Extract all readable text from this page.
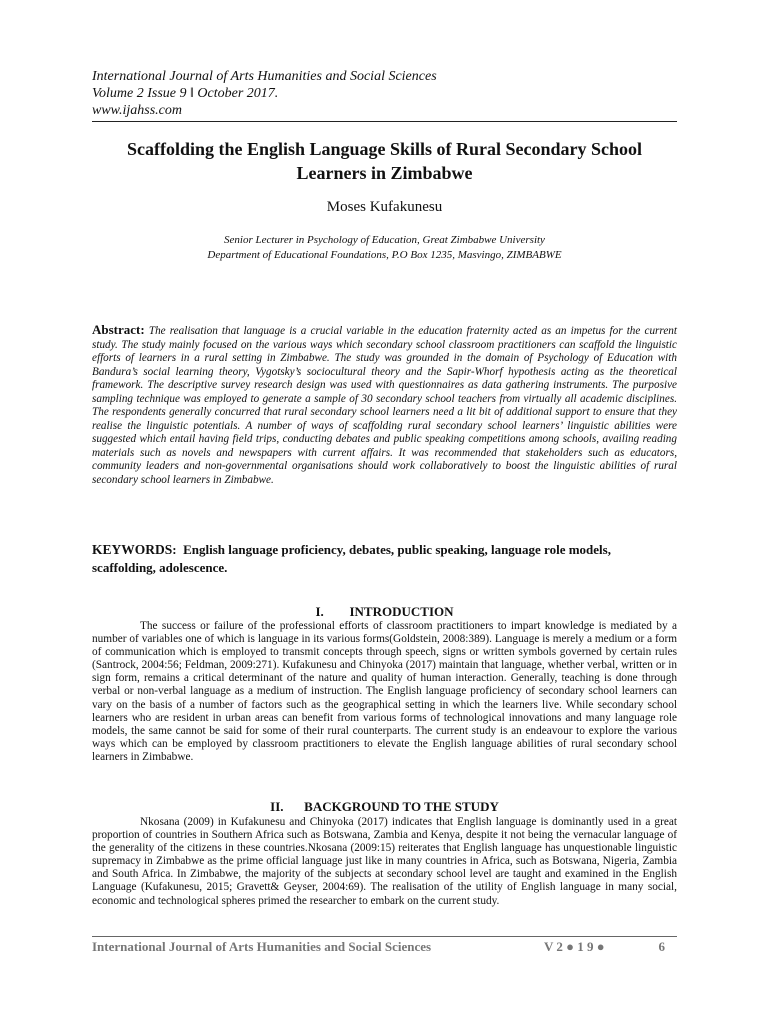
International Journal of Arts Humanities and Social Sciences
Volume 2 Issue 9 ‖ October 2017.
www.ijahss.com
Scaffolding the English Language Skills of Rural Secondary School Learners in Zimbabwe
Moses Kufakunesu
Senior Lecturer in Psychology of Education, Great Zimbabwe University
Department of Educational Foundations, P.O Box 1235, Masvingo, ZIMBABWE
Abstract: The realisation that language is a crucial variable in the education fraternity acted as an impetus for the current study. The study mainly focused on the various ways which secondary school classroom practitioners can scaffold the linguistic efforts of learners in a rural setting in Zimbabwe. The study was grounded in the domain of Psychology of Education with Bandura’s social learning theory, Vygotsky’s sociocultural theory and the Sapir-Whorf hypothesis acting as the theoretical framework. The descriptive survey research design was used with questionnaires as data gathering instruments. The purposive sampling technique was employed to generate a sample of 30 secondary school teachers from virtually all academic disciplines. The respondents generally concurred that rural secondary school learners need a lit bit of additional support to ensure that they realise the linguistic potentials. A number of ways of scaffolding rural secondary school learners’ linguistic abilities were suggested which entail having field trips, conducting debates and public speaking competitions among schools, availing reading materials such as novels and newspapers with current affairs. It was recommended that stakeholders such as educators, community leaders and non-governmental organisations should work collaboratively to boost the linguistic abilities of rural secondary school learners in Zimbabwe.
KEYWORDS:  English language proficiency, debates, public speaking, language role models, scaffolding, adolescence.
I. INTRODUCTION
The success or failure of the professional efforts of classroom practitioners to impart knowledge is mediated by a number of variables one of which is language in its various forms(Goldstein, 2008:389). Language is merely a medium or a form of communication which is employed to transmit concepts through speech, signs or written symbols governed by certain rules (Santrock, 2004:56; Feldman, 2009:271). Kufakunesu and Chinyoka (2017) maintain that language, whether verbal, written or in sign form, remains a critical determinant of the nature and quality of human interaction. Generally, teaching is done through verbal or non-verbal language as a medium of instruction. The English language proficiency of secondary school learners can vary on the basis of a number of factors such as the geographical setting in which the learners live. While secondary school learners who are resident in urban areas can benefit from various forms of technological innovations and many language role models, the same cannot be said for some of their rural counterparts. The current study is an endeavour to explore the various ways which can be employed by classroom practitioners to elevate the English language abilities of rural secondary school learners in Zimbabwe.
II. BACKGROUND TO THE STUDY
Nkosana (2009) in Kufakunesu and Chinyoka (2017) indicates that English language is dominantly used in a great proportion of countries in Southern Africa such as Botswana, Zambia and Kenya, despite it not being the vernacular language of the generality of the citizens in these countries.Nkosana (2009:15) reiterates that English language has unquestionable linguistic supremacy in Zimbabwe as the prime official language just like in many countries in Africa, such as Botswana, Nigeria, Zambia and South Africa. In Zimbabwe, the majority of the subjects at secondary school level are taught and examined in the English Language (Kufakunesu, 2015; Gravett& Geyser, 2004:69). The realisation of the utility of English language in many social, economic and technological spheres primed the researcher to embark on the current study.
International Journal of Arts Humanities and Social Sciences	V 2 ● 1 9 ●	6
